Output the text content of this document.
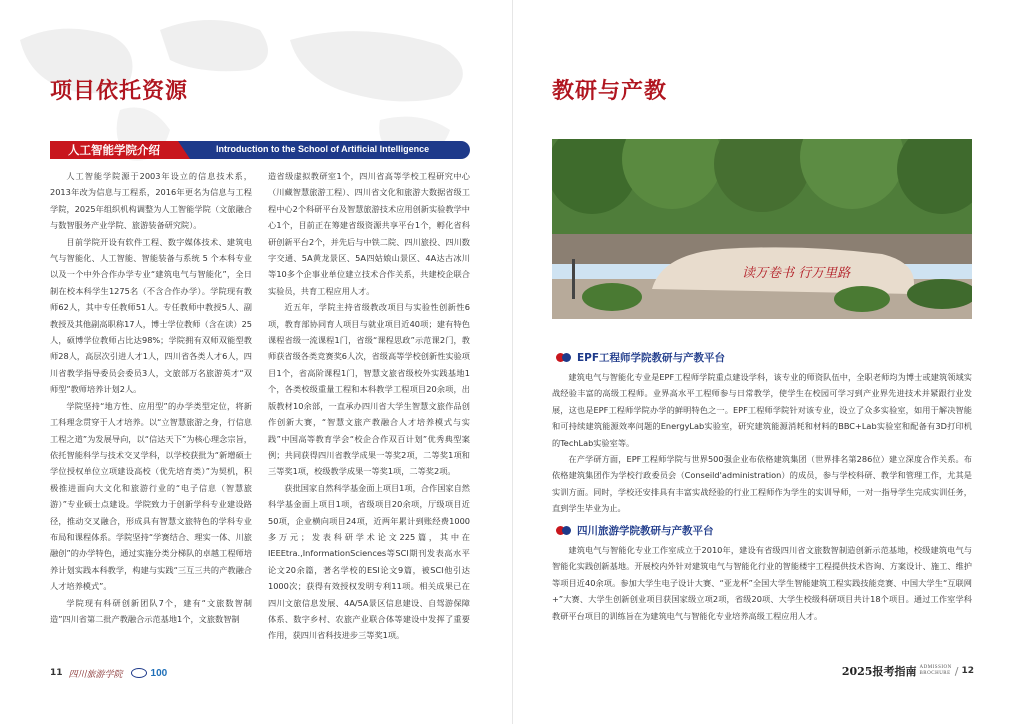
项目依托资源
人工智能学院介绍	Introduction to the School of Artificial Intelligence

人工智能学院源于2003年设立的信息技术系，2013年改为信息与工程系，2016年更名为信息与工程学院，2025年组织机构调整为人工智能学院（文旅融合与数智服务产业学院、旅游装备研究院）。

目前学院开设有软件工程、数字媒体技术、建筑电气与智能化、人工智能、智能装备与系统 5 个本科专业以及一个中外合作办学专业“建筑电气与智能化”，全日制在校本科学生1275名（不含合作办学）。学院现有教师62人，其中专任教师51人。专任教师中教授5人、副教授及其他副高职称17人，博士学位教师（含在读）25人，硕博学位教师占比达98%；学院拥有双师双能型教师28人，高层次引进人才1人，四川省各类人才6人，四川省教学指导委员会委员3人，文旅部万名旅游英才“双师型”教师培养计划2人。

学院坚持“地方性、应用型”的办学类型定位，将新工科理念贯穿于人才培养。以“立智慧旅游之身，行信息工程之道”为发展导向，以“信达天下”为核心理念宗旨，依托智能科学与技术交叉学科，以学校获批为“新增硕士学位授权单位立项建设高校（优先培育类）”为契机，积极推进面向大文化和旅游行业的“电子信息（智慧旅游）”专业硕士点建设。学院致力于创新学科专业建设路径，推动交叉融合，形成具有智慧文旅特色的学科专业布局和课程体系。学院坚持“学赛结合、理实一体、川旅融创”的办学特色，通过实施分类分梯队的卓越工程师培养计划实践本科教学，构建与实践“三互三共的产教融合人才培养模式”。

学院现有科研创新团队7个，建有“文旅数智制造”四川省第二批产教融合示范基地1个，文旅数智制

造省级虚拟教研室1个，四川省高等学校工程研究中心（川藏智慧旅游工程）、四川省文化和旅游大数据省级工程中心2个科研平台及智慧旅游技术应用创新实验教学中心1个，目前正在筹建省级资源共享平台1个，孵化省科研创新平台2个，并先后与中铁二院、四川旅投、四川数字交通、5A黄龙景区、5A四姑娘山景区、4A达古冰川等10多个企事业单位建立技术合作关系，共建校企联合实验员，共育工程应用人才。

近五年，学院主持省级教改项目与实验性创新性6项，教育部协同育人项目与就业项目近40项；建有特色课程省级一流课程1门，省级“课程思政”示范课2门，教师获省级各类竞赛奖6人次，省级高等学校创新性实验项目1个，省高阶课程1门，智慧文旅省级校外实践基地1个，各类校级重量工程和本科教学工程项目20余项，出版教材10余部，一直承办四川省大学生智慧文旅作品创作创新大赛，“智慧文旅产教融合人才培养模式与实践”中国高等教育学会“校企合作双百计划”优秀典型案例；共同获得四川省教学成果一等奖2项，二等奖1项和三等奖1项，校级教学成果一等奖1项，二等奖2项。

获批国家自然科学基金面上项目1项，合作国家自然科学基金面上项目1项，省级项目20余项，厅级项目近50项，企业横向项目24项，近两年累计到账经费1000多万元；发表科研学术论文225篇，其中在IEEEtra.,InformationSciences等SCI期刊发表高水平论文20余篇，著名学校的ESI论文9篇，被SCI他引达1000次；获得有效授权发明专利11项。相关成果已在四川文旅信息发展、4A/5A景区信息建设、自驾游保障体系、数字乡村、农旅产业联合体等建设中发挥了重要作用，获四川省科技进步三等奖1项。

11 四川旅游学院	100
教研与产教
读万卷书 行万里路
EPF工程师学院教研与产教平台

建筑电气与智能化专业是EPF工程师学院重点建设学科，该专业的师资队伍中，全职老师均为博士或建筑领域实战经验丰富的高级工程师。业界高水平工程师参与日常教学，使学生在校园可学习到产业界先进技术并紧跟行业发展，这也是EPF工程师学院办学的鲜明特色之一。EPF工程师学院针对该专业，设立了众多实验室，如用于解决智能和可持续建筑能源效率问题的EnergyLab实验室，研究建筑能源消耗和材料的BBC+Lab实验室和配备有3D打印机的TechLab实验室等。

在产学研方面，EPF工程师学院与世界500强企业布依格建筑集团（世界排名第286位）建立深度合作关系。布依格建筑集团作为学校行政委员会（Conseild'administration）的成员，参与学校科研、教学和管理工作，尤其是实训方面。同时，学校还安排具有丰富实战经验的行业工程师作为学生的实训导师，一对一指导学生完成实训任务，直到学生毕业为止。

四川旅游学院教研与产教平台

建筑电气与智能化专业工作室成立于2010年，建设有省级四川省文旅数智制造创新示范基地，校级建筑电气与智能化实践创新基地。开展校内外针对建筑电气与智能化行业的智能楼宇工程提供技术咨询、方案设计、施工、维护等项目近40余项。参加大学生电子设计大赛、“亚龙杯”全国大学生智能建筑工程实践技能竞赛、中国大学生“互联网+”大赛、大学生创新创业项目获国家级立项2项，省级20项、大学生校级科研项目共计18个项目。通过工作室学科教研平台项目的训练旨在为建筑电气与智能化专业培养高级工程应用人才。

2025报考指南 ADMISSION
BROCHURE / 12
